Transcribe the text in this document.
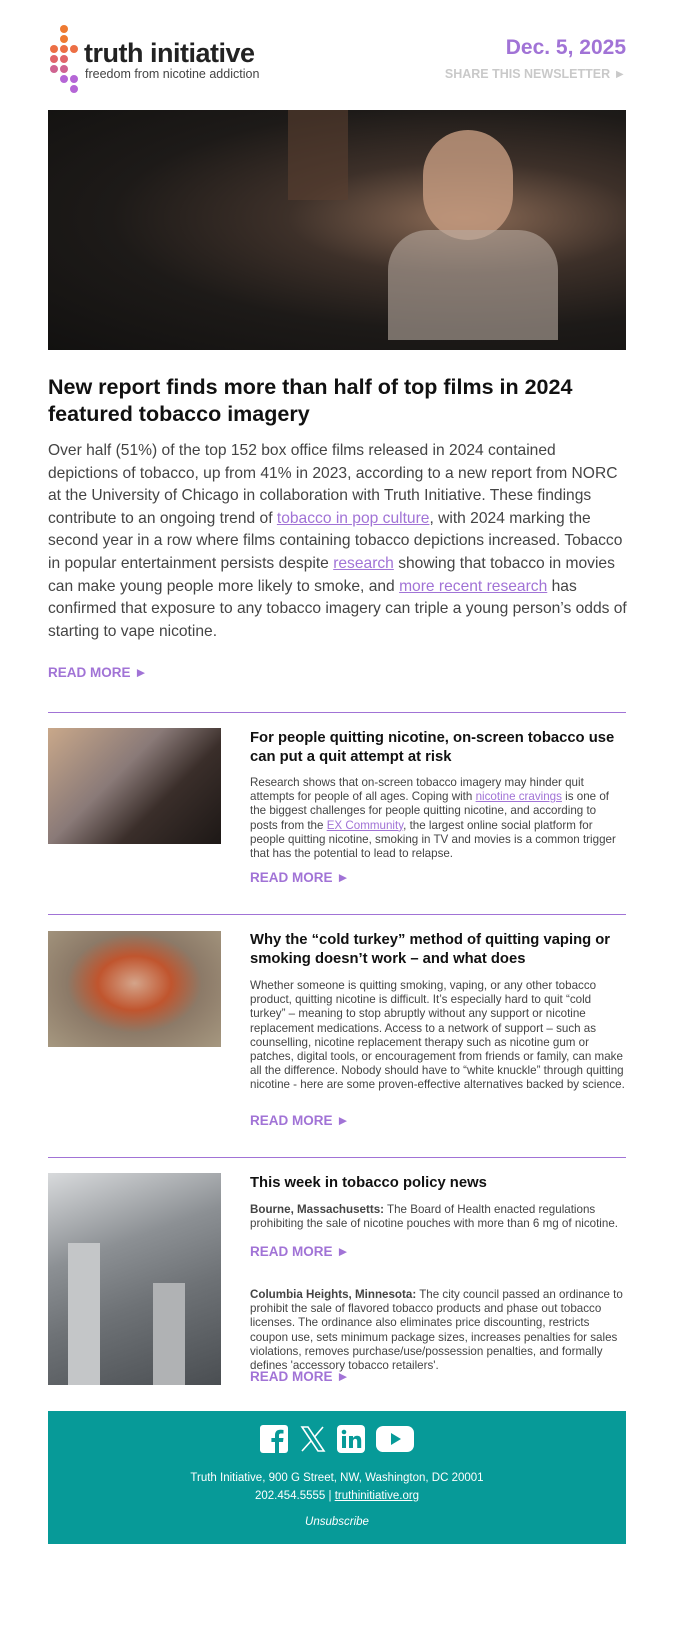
truth initiative
freedom from nicotine addiction
Dec. 5, 2025
SHARE THIS NEWSLETTER ►
New report finds more than half of top films in 2024 featured tobacco imagery
Over half (51%) of the top 152 box office films released in 2024 contained depictions of tobacco, up from 41% in 2023, according to a new report from NORC at the University of Chicago in collaboration with Truth Initiative. These findings contribute to an ongoing trend of tobacco in pop culture, with 2024 marking the second year in a row where films containing tobacco depictions increased. Tobacco in popular entertainment persists despite research showing that tobacco in movies can make young people more likely to smoke, and more recent research has confirmed that exposure to any tobacco imagery can triple a young person’s odds of starting to vape nicotine.
READ MORE ►
For people quitting nicotine, on-screen tobacco use can put a quit attempt at risk
Research shows that on-screen tobacco imagery may hinder quit attempts for people of all ages. Coping with nicotine cravings is one of the biggest challenges for people quitting nicotine, and according to posts from the EX Community, the largest online social platform for people quitting nicotine, smoking in TV and movies is a common trigger that has the potential to lead to relapse.
READ MORE ►
Why the “cold turkey” method of quitting vaping or smoking doesn’t work – and what does
Whether someone is quitting smoking, vaping, or any other tobacco product, quitting nicotine is difficult. It’s especially hard to quit “cold turkey” – meaning to stop abruptly without any support or nicotine replacement medications. Access to a network of support – such as counselling, nicotine replacement therapy such as nicotine gum or patches, digital tools, or encouragement from friends or family, can make all the difference. Nobody should have to “white knuckle” through quitting nicotine - here are some proven-effective alternatives backed by science.
READ MORE ►
This week in tobacco policy news
Bourne, Massachusetts: The Board of Health enacted regulations prohibiting the sale of nicotine pouches with more than 6 mg of nicotine.
READ MORE ►
Columbia Heights, Minnesota: The city council passed an ordinance to prohibit the sale of flavored tobacco products and phase out tobacco licenses. The ordinance also eliminates price discounting, restricts coupon use, sets minimum package sizes, increases penalties for sales violations, removes purchase/use/possession penalties, and formally defines 'accessory tobacco retailers'.
READ MORE ►

Truth Initiative, 900 G Street, NW, Washington, DC 20001
202.454.5555 | truthinitiative.org
Unsubscribe
